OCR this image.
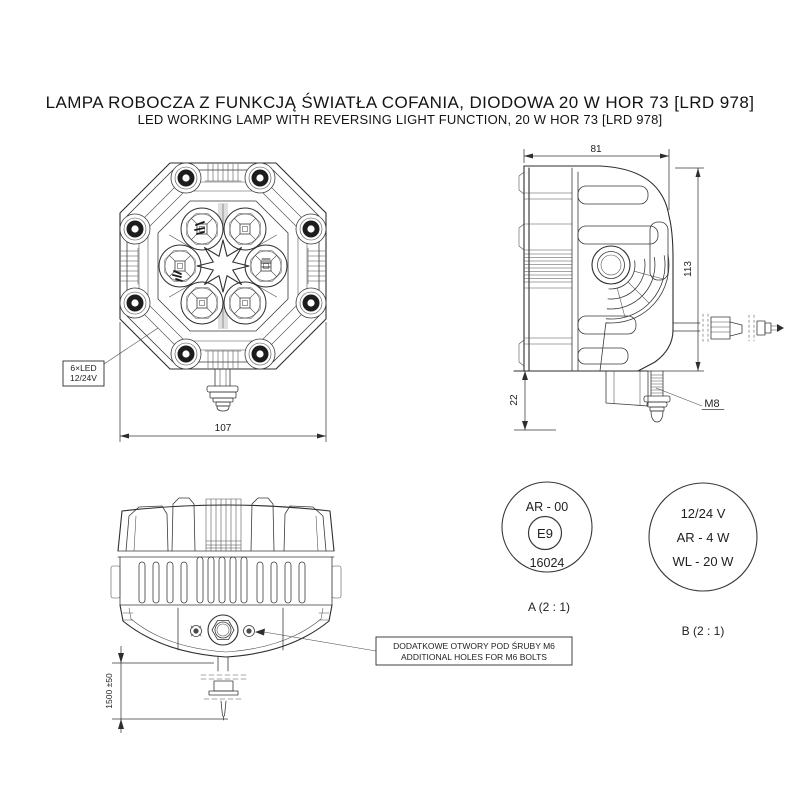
LAMPA ROBOCZA Z FUNKCJĄ ŚWIATŁA COFANIA, DIODOWA 20 W HOR 73 [LRD 978]
LED WORKING LAMP WITH REVERSING LIGHT FUNCTION, 20 W HOR 73 [LRD 978]
6×LED
12/24V
107
81
113
22	M8
DODATKOWE OTWORY POD ŚRUBY M6
ADDITIONAL HOLES FOR M6 BOLTS
1500 ±50
AR - 00
E9
16024
A (2 : 1)
12/24 V
AR - 4 W
WL - 20 W
B (2 : 1)
